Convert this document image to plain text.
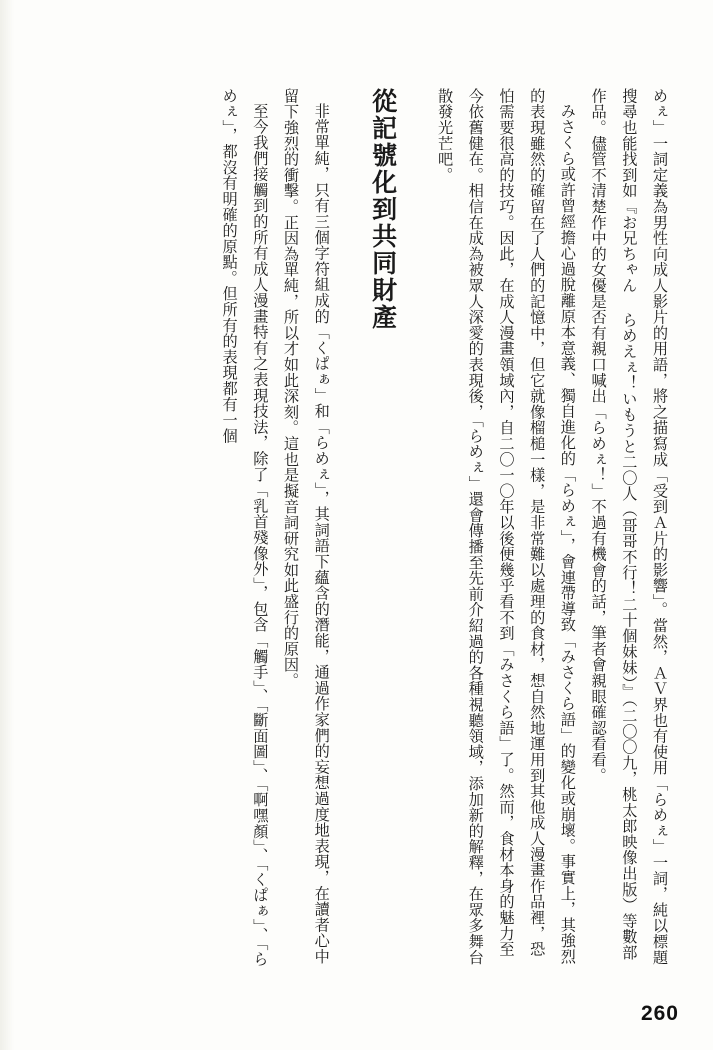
めぇ」一詞定義為男性向成人影片的用語，將之描寫成「受到Ａ片的影響」。當然，ＡＶ界也有使用「らめぇ」一詞，純以標題搜尋也能找到如『お兄ちゃん らめえぇ！いもうと二〇人（哥哥不行！二十個妹妹）』（二〇〇九，桃太郎映像出版）等數部作品。儘管不清楚作中的女優是否有親口喊出「らめぇ！」不過有機會的話，筆者會親眼確認看看。

みさくら或許曾經擔心過脫離原本意義、獨自進化的「らめぇ」，會連帶導致「みさくら語」的變化或崩壞。事實上，其強烈的表現雖然的確留在了人們的記憶中，但它就像榴槌一樣，是非常難以處理的食材，想自然地運用到其他成人漫畫作品裡，恐怕需要很高的技巧。因此，在成人漫畫領域內，自二〇一〇年以後便幾乎看不到「みさくら語」了。然而，食材本身的魅力至今依舊健在。相信在成為被眾人深愛的表現後，「らめぇ」還會傳播至先前介紹過的各種視聽領域，添加新的解釋，在眾多舞台散發光芒吧。

從記號化到共同財產

非常單純，只有三個字符組成的「くぱぁ」和「らめぇ」，其詞語下蘊含的潛能，通過作家們的妄想過度地表現，在讀者心中留下強烈的衝擊。正因為單純，所以才如此深刻。這也是擬音詞研究如此盛行的原因。

至今我們接觸到的所有成人漫畫特有之表現技法，除了「乳首殘像外」，包含「觸手」、「斷面圖」、「啊嘿顏」、「くぱぁ」、「らめぇ」，都沒有明確的原點。但所有的表現都有一個

260
